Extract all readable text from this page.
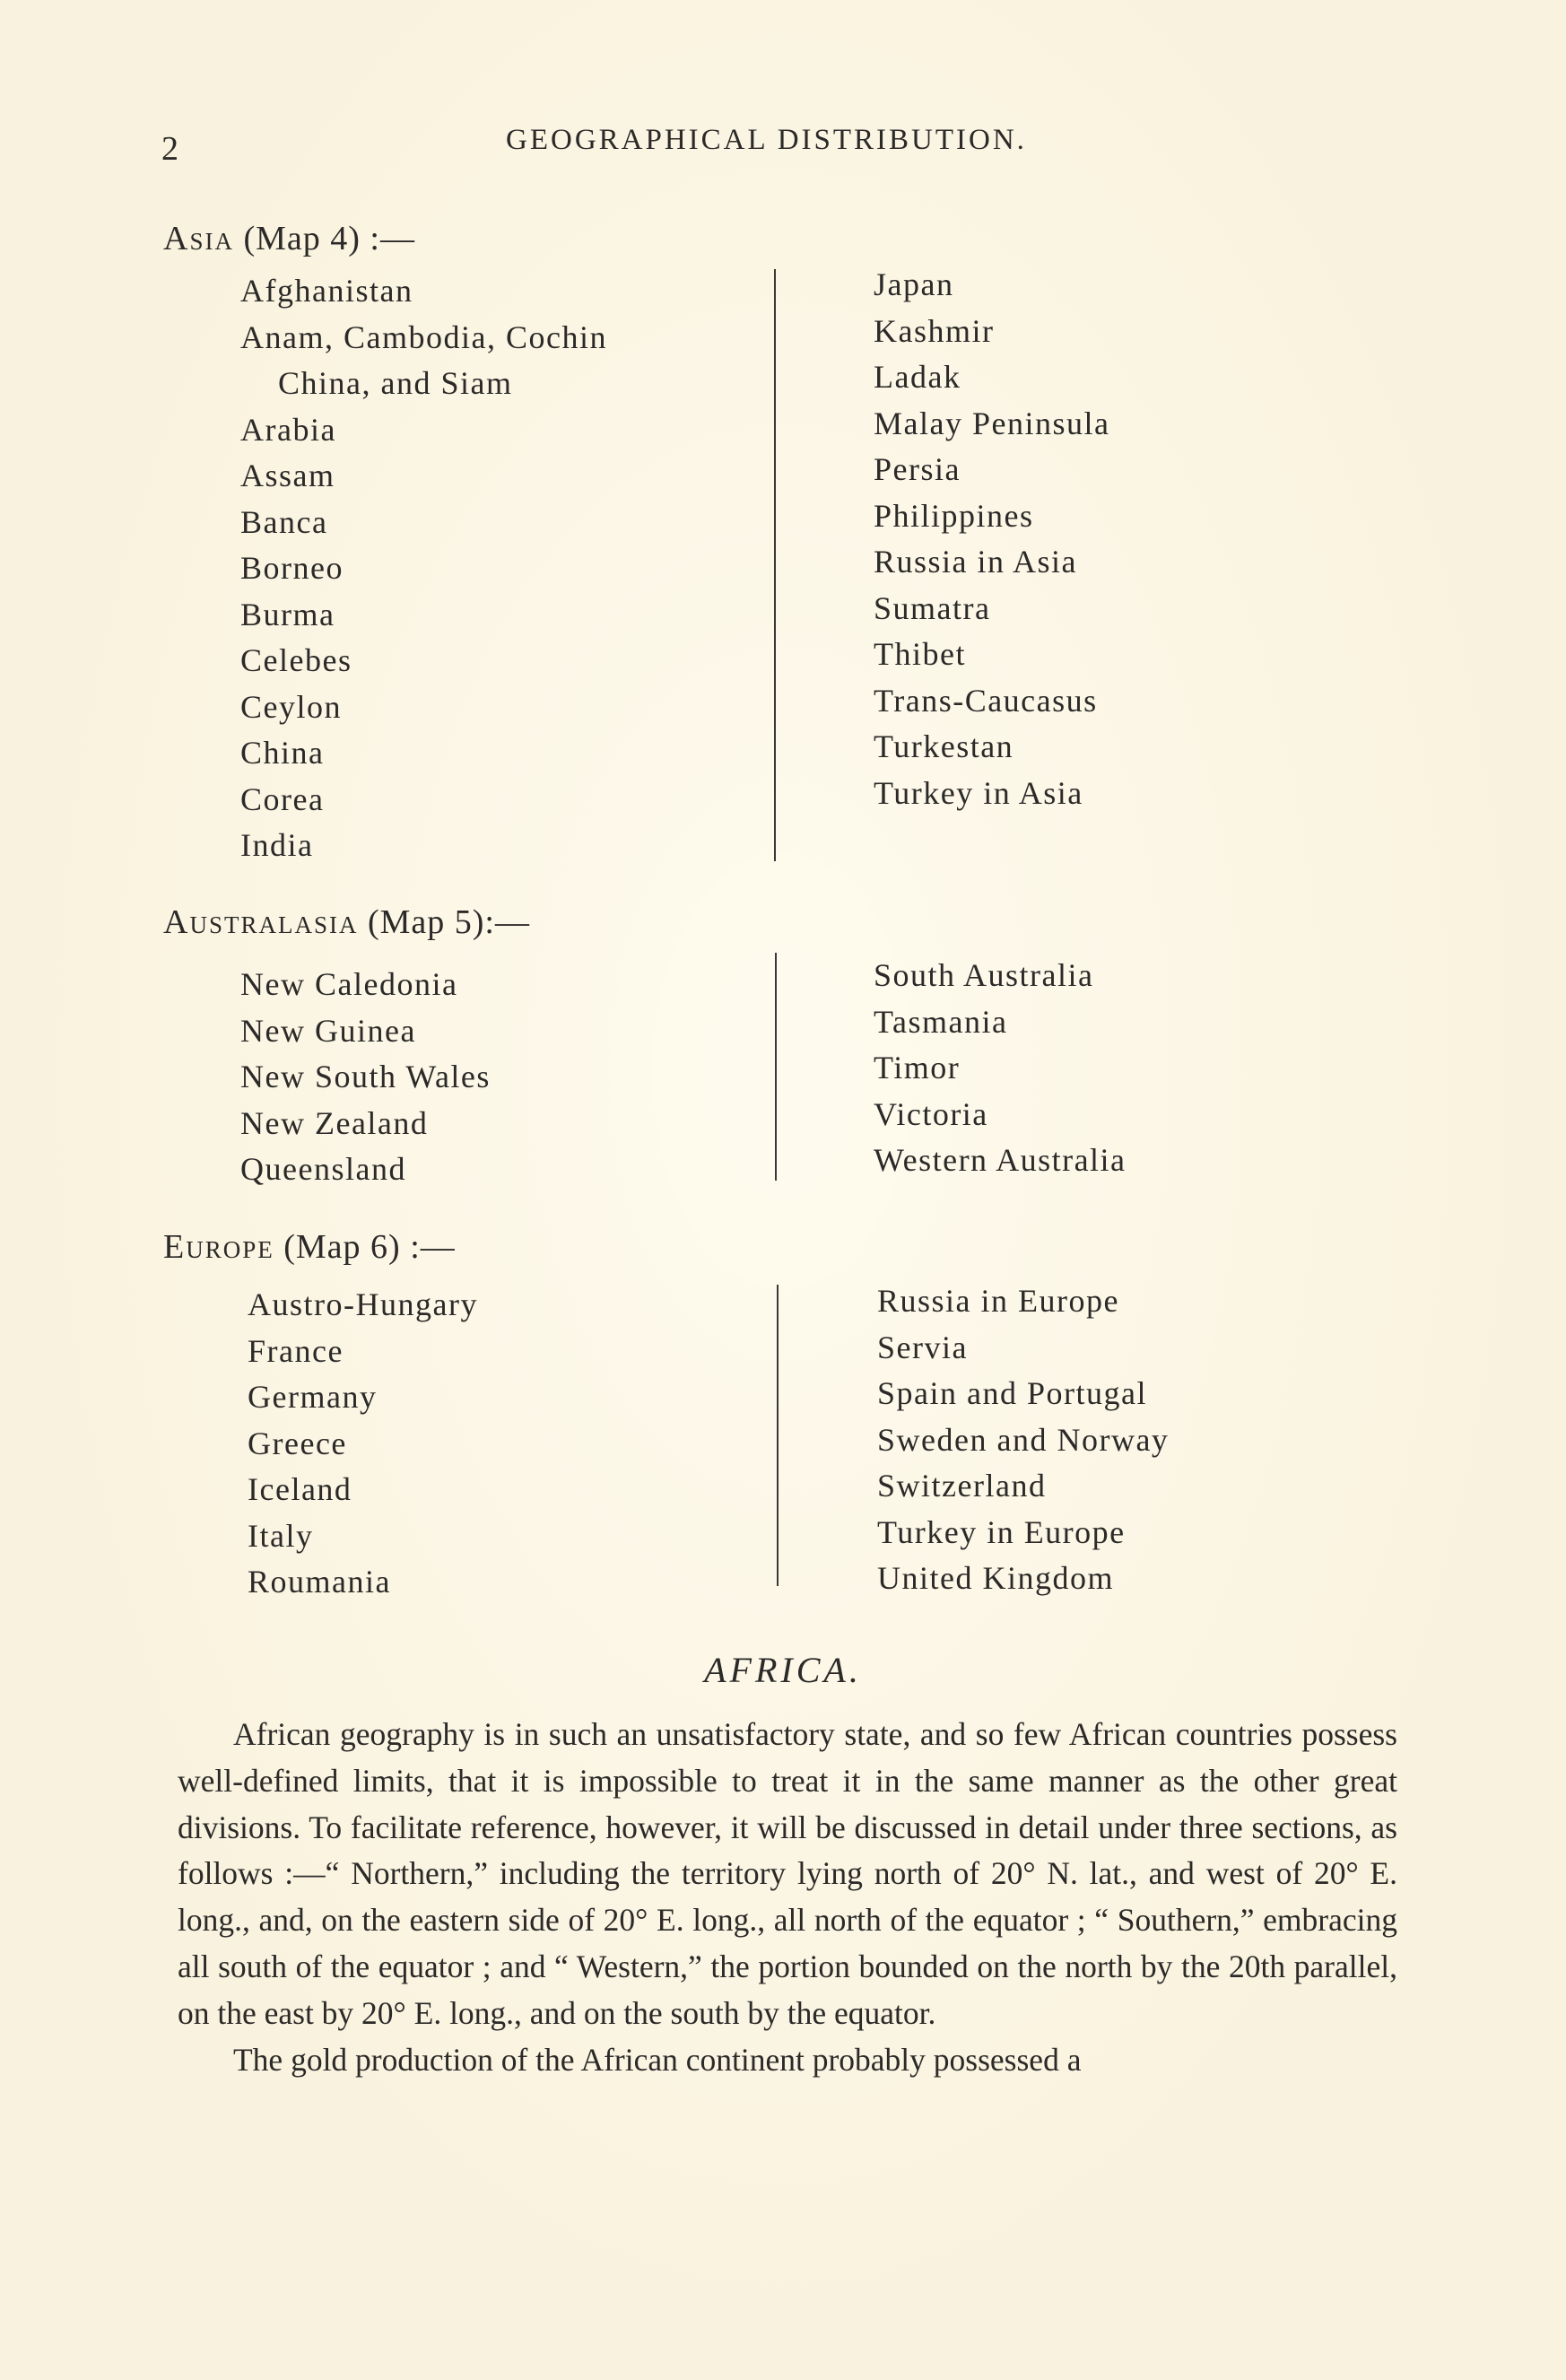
2	GEOGRAPHICAL DISTRIBUTION.
Asia (Map 4) :—
Afghanistan
Anam, Cambodia, Cochin
China, and Siam
Arabia
Assam
Banca
Borneo
Burma
Celebes
Ceylon
China
Corea
India
Japan
Kashmir
Ladak
Malay Peninsula
Persia
Philippines
Russia in Asia
Sumatra
Thibet
Trans-Caucasus
Turkestan
Turkey in Asia
Australasia (Map 5):—
New Caledonia
New Guinea
New South Wales
New Zealand
Queensland
South Australia
Tasmania
Timor
Victoria
Western Australia
Europe (Map 6) :—
Austro-Hungary
France
Germany
Greece
Iceland
Italy
Roumania
Russia in Europe
Servia
Spain and Portugal
Sweden and Norway
Switzerland
Turkey in Europe
United Kingdom
AFRICA.

African geography is in such an unsatisfactory state, and so few African countries possess well-defined limits, that it is impossible to treat it in the same manner as the other great divisions. To facilitate reference, however, it will be discussed in detail under three sections, as follows :—“ Northern,” including the territory lying north of 20° N. lat., and west of 20° E. long., and, on the eastern side of 20° E. long., all north of the equator ; “ Southern,” embracing all south of the equator ; and “ Western,” the portion bounded on the north by the 20th parallel, on the east by 20° E. long., and on the south by the equator.

The gold production of the African continent probably possessed a
